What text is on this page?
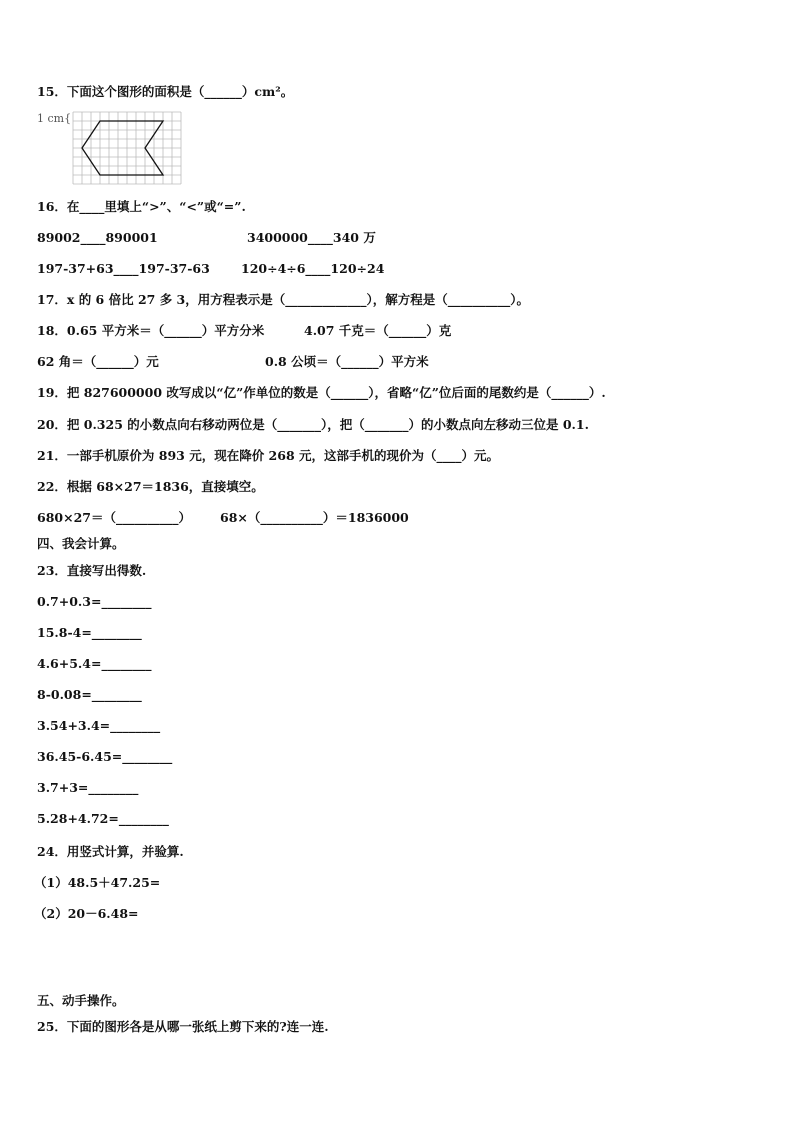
15．下面这个图形的面积是（______）cm²。
1 cm{
16．在____里填上“>”、“<”或“=”.
89002____890001	3400000____340 万
197-37+63____197-37-63 120÷4÷6____120÷24
17．x 的 6 倍比 27 多 3，用方程表示是（_____________），解方程是（__________）。
18．0.65 平方米＝（______）平方分米	4.07 千克＝（______）克
62 角＝（______）元	0.8 公顷＝（______）平方米
19．把 827600000 改写成以“亿”作单位的数是（______），省略“亿”位后面的尾数约是（______）.
20．把 0.325 的小数点向右移动两位是（_______），把（_______）的小数点向左移动三位是 0.1.
21．一部手机原价为 893 元，现在降价 268 元，这部手机的现价为（____）元。
22．根据 68×27＝1836，直接填空。
680×27＝（__________） 68×（__________）＝1836000
四、我会计算。
23．直接写出得数.
0.7+0.3=________
15.8-4=________
4.6+5.4=________
8-0.08=________
3.54+3.4=________
36.45-6.45=________
3.7+3=________
5.28+4.72=________
24．用竖式计算，并验算.
（1）48.5＋47.25=
（2）20－6.48=
五、动手操作。
25．下面的图形各是从哪一张纸上剪下来的?连一连.
